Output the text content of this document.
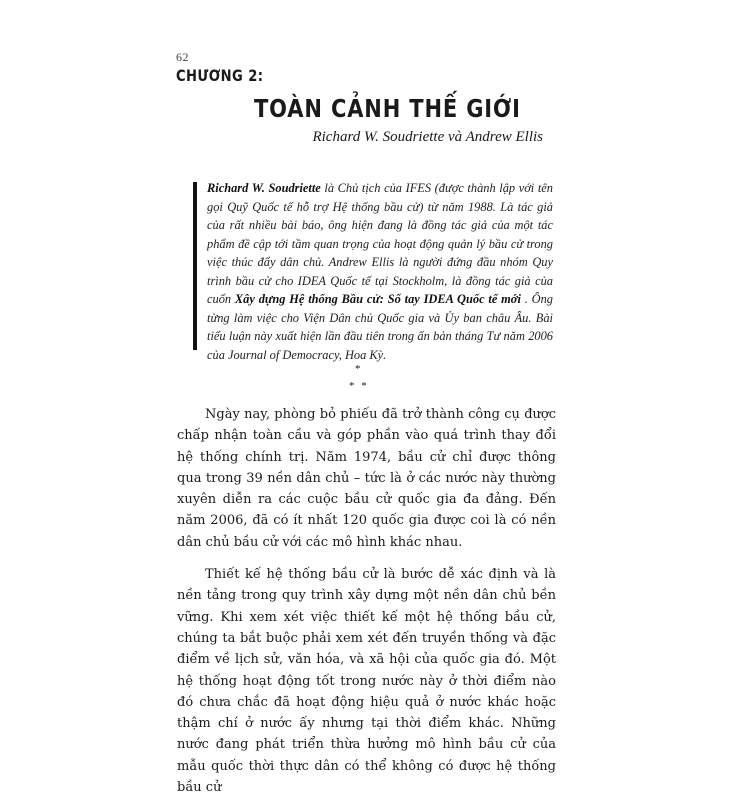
62
CHƯƠNG 2:
TOÀN CẢNH THẾ GIỚI
Richard W. Soudriette và Andrew Ellis
Richard W. Soudriette là Chủ tịch của IFES (được thành lập với tên gọi Quỹ Quốc tế hỗ trợ Hệ thống bầu cử) từ năm 1988. Là tác giả của rất nhiều bài báo, ông hiện đang là đồng tác giả của một tác phẩm đề cập tới tầm quan trọng của hoạt động quản lý bầu cử trong việc thúc đẩy dân chủ. Andrew Ellis là người đứng đầu nhóm Quy trình bầu cử cho IDEA Quốc tế tại Stockholm, là đồng tác giả của cuốn Xây dựng Hệ thống Bầu cử: Sổ tay IDEA Quốc tế mới . Ông từng làm việc cho Viện Dân chủ Quốc gia và Ủy ban châu Âu. Bài tiểu luận này xuất hiện lần đầu tiên trong ấn bản tháng Tư năm 2006 của Journal of Democracy, Hoa Kỳ.
*
* *

Ngày nay, phòng bỏ phiếu đã trở thành công cụ được chấp nhận toàn cầu và góp phần vào quá trình thay đổi hệ thống chính trị. Năm 1974, bầu cử chỉ được thông qua trong 39 nền dân chủ – tức là ở các nước này thường xuyên diễn ra các cuộc bầu cử quốc gia đa đảng. Đến năm 2006, đã có ít nhất 120 quốc gia được coi là có nền dân chủ bầu cử với các mô hình khác nhau.

Thiết kế hệ thống bầu cử là bước dễ xác định và là nền tảng trong quy trình xây dựng một nền dân chủ bền vững. Khi xem xét việc thiết kế một hệ thống bầu cử, chúng ta bắt buộc phải xem xét đến truyền thống và đặc điểm về lịch sử, văn hóa, và xã hội của quốc gia đó. Một hệ thống hoạt động tốt trong nước này ở thời điểm nào đó chưa chắc đã hoạt động hiệu quả ở nước khác hoặc thậm chí ở nước ấy nhưng tại thời điểm khác. Những nước đang phát triển thừa hưởng mô hình bầu cử của mẫu quốc thời thực dân có thể không có được hệ thống bầu cử
